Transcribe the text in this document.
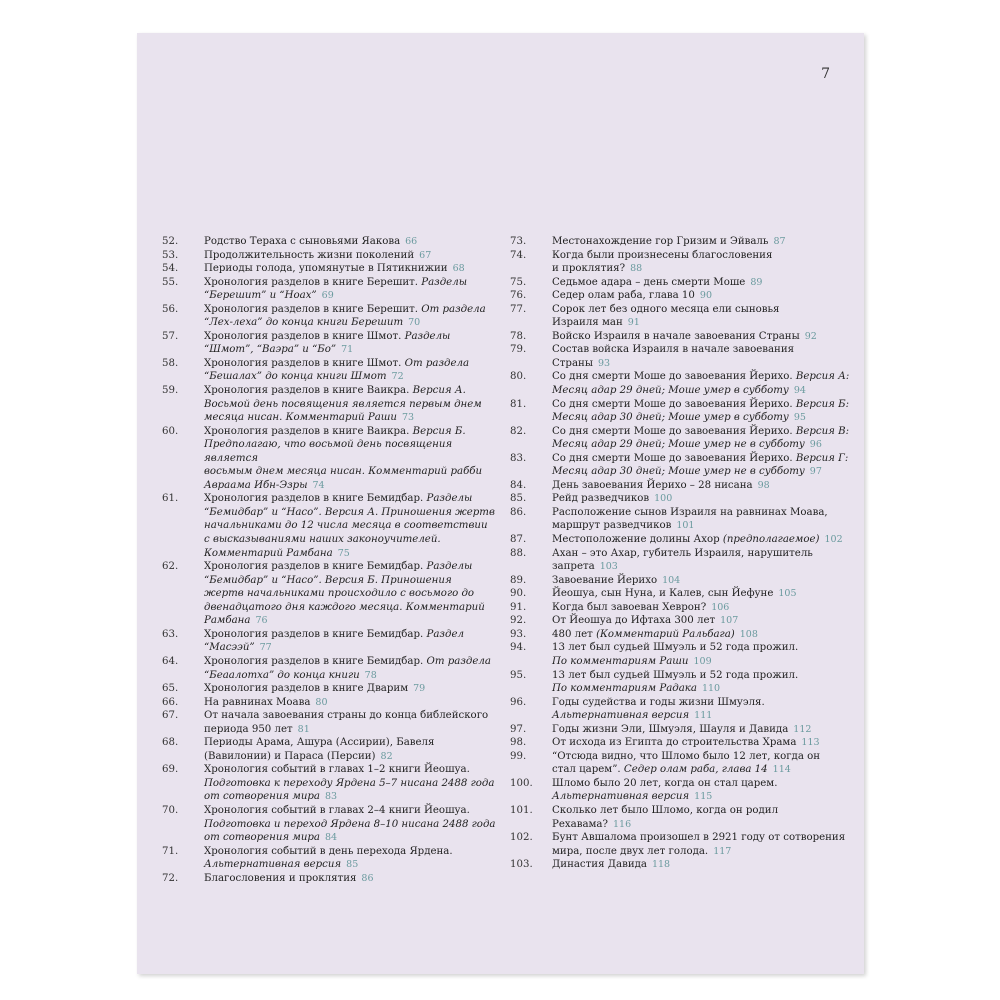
7
52.	Родство Тераха с сыновьями Яакова 66
53.	Продолжительность жизни поколений 67
54.	Периоды голода, упомянутые в Пятикнижии 68
55.	Хронология разделов в книге Берешит. Разделы
“Берешит” и “Ноах” 69
56.	Хронология разделов в книге Берешит. От раздела
“Лех-леха” до конца книги Берешит 70
57.	Хронология разделов в книге Шмот. Разделы
“Шмот”, “Ваэра” и “Бо” 71
58.	Хронология разделов в книге Шмот. От раздела
“Бешалах” до конца книги Шмот 72
59.	Хронология разделов в книге Ваикра. Версия А.
Восьмой день посвящения является первым днем
месяца нисан. Комментарий Раши 73
60.	Хронология разделов в книге Ваикра. Версия Б.
Предполагаю, что восьмой день посвящения является
восьмым днем месяца нисан. Комментарий рабби
Авраама Ибн-Эзры 74
61.	Хронология разделов в книге Бемидбар. Разделы
“Бемидбар” и “Насо”. Версия А. Приношения жертв
начальниками до 12 числа месяца в соответствии
с высказываниями наших законоучителей.
Комментарий Рамбана 75
62.	Хронология разделов в книге Бемидбар. Разделы
“Бемидбар” и “Насо”. Версия Б. Приношения
жертв начальниками происходило с восьмого до
двенадцатого дня каждого месяца. Комментарий
Рамбана 76
63.	Хронология разделов в книге Бемидбар. Раздел
“Масээй” 77
64.	Хронология разделов в книге Бемидбар. От раздела
“Беаалотха” до конца книги 78
65.	Хронология разделов в книге Дварим 79
66.	На равнинах Моава 80
67.	От начала завоевания страны до конца библейского
периода 950 лет 81
68.	Периоды Арама, Ашура (Ассирии), Бавеля
(Вавилонии) и Параса (Персии) 82
69.	Хронология событий в главах 1–2 книги Йеошуа.
Подготовка к переходу Ярдена 5–7 нисана 2488 года
от сотворения мира 83
70.	Хронология событий в главах 2–4 книги Йеошуа.
Подготовка и переход Ярдена 8–10 нисана 2488 года
от сотворения мира 84
71.	Хронология событий в день перехода Ярдена.
Альтернативная версия 85
72.	Благословения и проклятия 86
73.	Местонахождение гор Гризим и Эйваль 87
74.	Когда были произнесены благословения
и проклятия? 88
75.	Седьмое адара – день смерти Моше 89
76.	Седер олам раба, глава 10 90
77.	Сорок лет без одного месяца ели сыновья
Израиля ман 91
78.	Войско Израиля в начале завоевания Страны 92
79.	Состав войска Израиля в начале завоевания
Страны 93
80.	Со дня смерти Моше до завоевания Йерихо. Версия А:
Месяц адар 29 дней; Моше умер в субботу 94
81.	Со дня смерти Моше до завоевания Йерихо. Версия Б:
Месяц адар 30 дней; Моше умер в субботу 95
82.	Со дня смерти Моше до завоевания Йерихо. Версия В:
Месяц адар 29 дней; Моше умер не в субботу 96
83.	Со дня смерти Моше до завоевания Йерихо. Версия Г:
Месяц адар 30 дней; Моше умер не в субботу 97
84.	День завоевания Йерихо – 28 нисана 98
85.	Рейд разведчиков 100
86.	Расположение сынов Израиля на равнинах Моава,
маршрут разведчиков 101
87.	Местоположение долины Ахор (предполагаемое) 102
88.	Ахан – это Ахар, губитель Израиля, нарушитель
запрета 103
89.	Завоевание Йерихо 104
90.	Йеошуа, сын Нуна, и Калев, сын Йефуне 105
91.	Когда был завоеван Хеврон? 106
92.	От Йеошуа до Ифтаха 300 лет 107
93.	480 лет (Комментарий Ральбага) 108
94.	13 лет был судьей Шмуэль и 52 года прожил.
По комментариям Раши 109
95.	13 лет был судьей Шмуэль и 52 года прожил.
По комментариям Радака 110
96.	Годы судейства и годы жизни Шмуэля.
Альтернативная версия 111
97.	Годы жизни Эли, Шмуэля, Шауля и Давида 112
98.	От исхода из Египта до строительства Храма 113
99.	“Отсюда видно, что Шломо было 12 лет, когда он
стал царем”. Седер олам раба, глава 14 114
100.	Шломо было 20 лет, когда он стал царем.
Альтернативная версия 115
101.	Сколько лет было Шломо, когда он родил
Рехавама? 116
102.	Бунт Авшалома произошел в 2921 году от сотворения
мира, после двух лет голода. 117
103.	Династия Давида 118
